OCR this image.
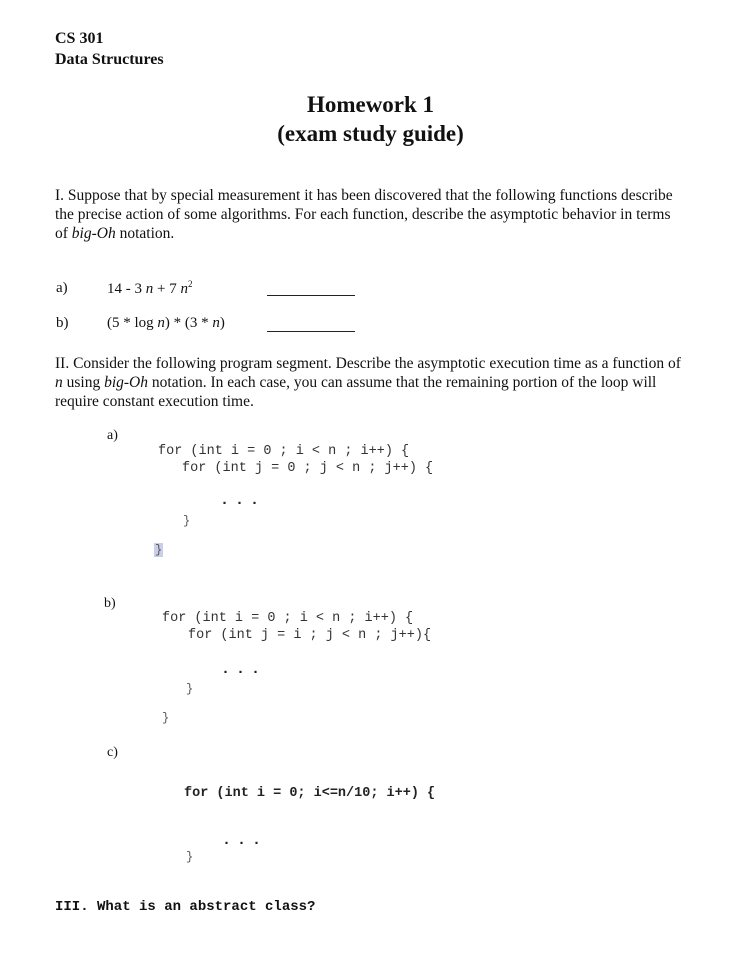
CS 301
Data Structures
Homework 1
(exam study guide)
I. Suppose that by special measurement it has been discovered that the following functions describe the precise action of some algorithms. For each function, describe the asymptotic behavior in terms of big-Oh notation.
a)	14 - 3 n + 7 $n^2$
b)	(5 * log n) * (3 * n)
II. Consider the following program segment. Describe the asymptotic execution time as a function of n using big-Oh notation. In each case, you can assume that the remaining portion of the loop will require constant execution time.
a)
for (int i = 0 ; i < n ; i++) {
for (int j = 0 ; j < n ; j++) {
...
}
}
b)
for (int i = 0 ; i < n ; i++) {
for (int j = i ; j < n ; j++){
...
}
}
c)
for (int i = 0; i<=n/10; i++) {
...
}
III. What is an abstract class?
